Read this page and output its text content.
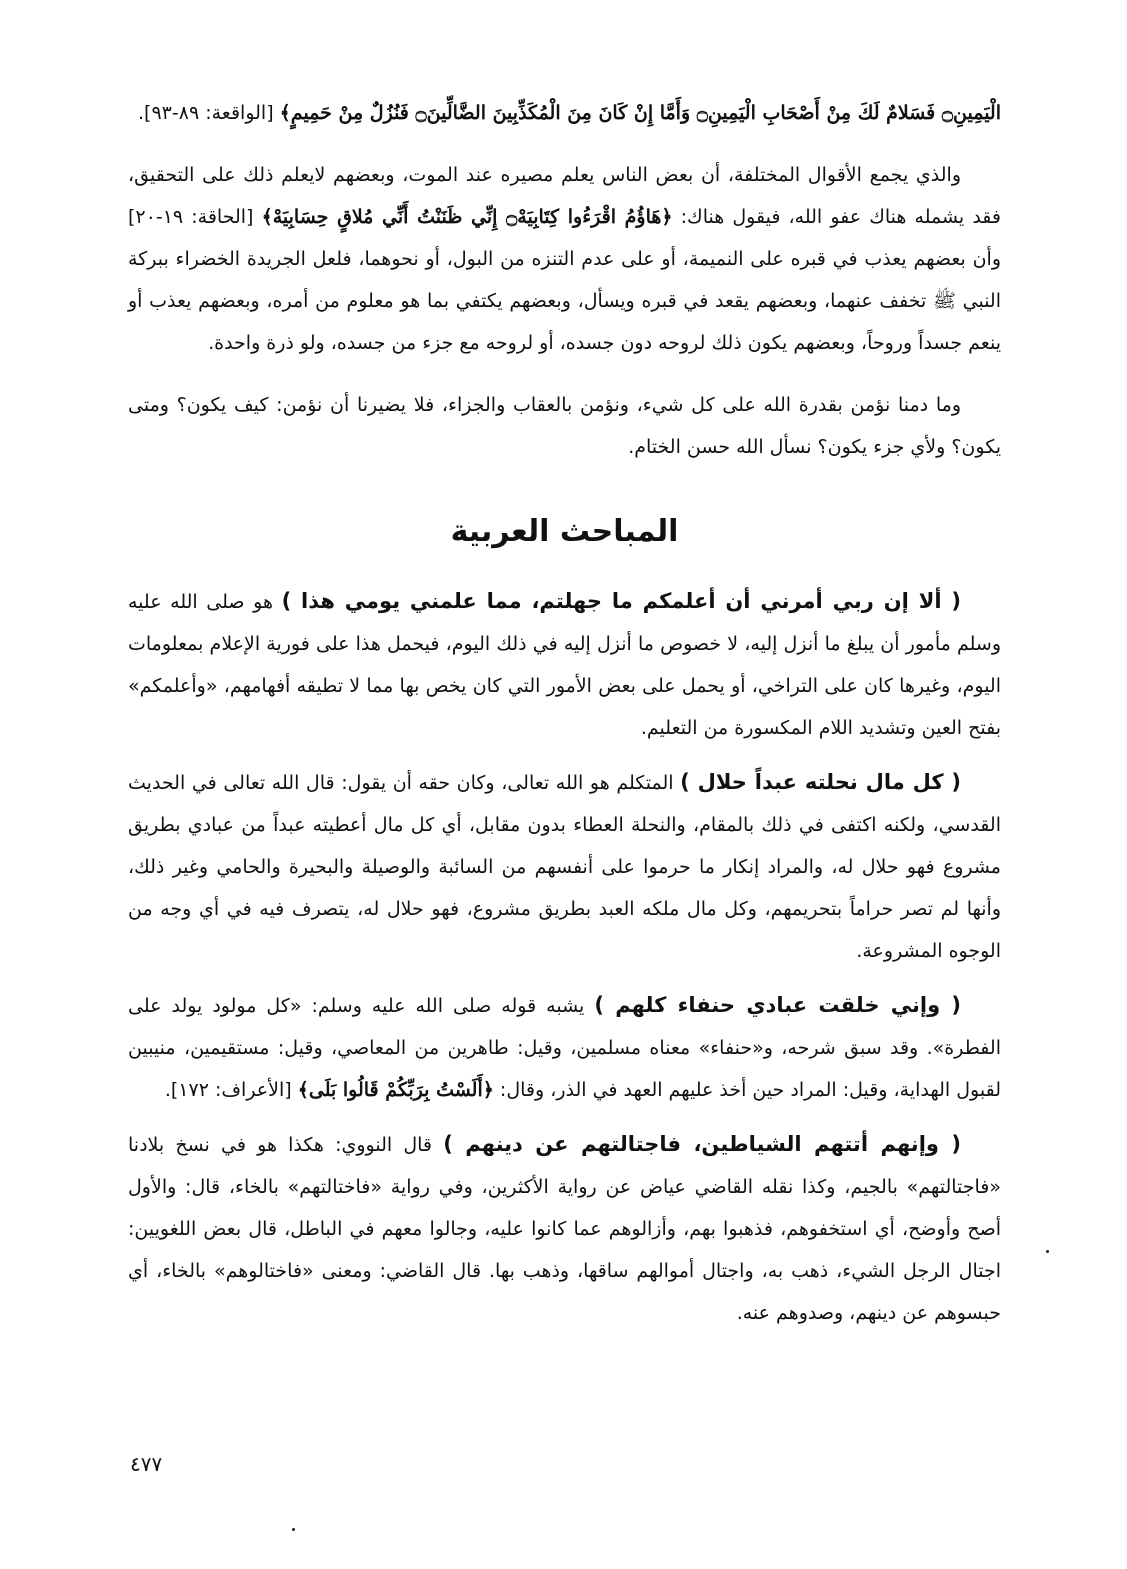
الْيَمِينِ۝ فَسَلامٌ لَكَ مِنْ أَصْحَابِ الْيَمِينِ۝ وَأَمَّا إِنْ كَانَ مِنَ الْمُكَذِّبِينَ الضَّالِّينَ۝ فَنُزُلٌ مِنْ حَمِيمٍ﴾ [الواقعة: ٨٩-٩٣].

والذي يجمع الأقوال المختلفة، أن بعض الناس يعلم مصيره عند الموت، وبعضهم لايعلم ذلك على التحقيق، فقد يشمله هناك عفو الله، فيقول هناك: ﴿هَاؤُمُ اقْرَءُوا كِتَابِيَهْ۝ إِنِّي ظَنَنْتُ أَنِّي مُلاقٍ حِسَابِيَهْ﴾ [الحاقة: ١٩-٢٠] وأن بعضهم يعذب في قبره على النميمة، أو على عدم التنزه من البول، أو نحوهما، فلعل الجريدة الخضراء ببركة النبي ﷺ تخفف عنهما، وبعضهم يقعد في قبره ويسأل، وبعضهم يكتفي بما هو معلوم من أمره، وبعضهم يعذب أو ينعم جسداً وروحاً، وبعضهم يكون ذلك لروحه دون جسده، أو لروحه مع جزء من جسده، ولو ذرة واحدة.

وما دمنا نؤمن بقدرة الله على كل شيء، ونؤمن بالعقاب والجزاء، فلا يضيرنا أن نؤمن: كيف يكون؟ ومتى يكون؟ ولأي جزء يكون؟ نسأل الله حسن الختام.

المباحث العربية

( ألا إن ربي أمرني أن أعلمكم ما جهلتم، مما علمني يومي هذا ) هو صلى الله عليه وسلم مأمور أن يبلغ ما أنزل إليه، لا خصوص ما أنزل إليه في ذلك اليوم، فيحمل هذا على فورية الإعلام بمعلومات اليوم، وغيرها كان على التراخي، أو يحمل على بعض الأمور التي كان يخص بها مما لا تطيقه أفهامهم، «وأعلمكم» بفتح العين وتشديد اللام المكسورة من التعليم.

( كل مال نحلته عبداً حلال ) المتكلم هو الله تعالى، وكان حقه أن يقول: قال الله تعالى في الحديث القدسي، ولكنه اكتفى في ذلك بالمقام، والنحلة العطاء بدون مقابل، أي كل مال أعطيته عبداً من عبادي بطريق مشروع فهو حلال له، والمراد إنكار ما حرموا على أنفسهم من السائبة والوصيلة والبحيرة والحامي وغير ذلك، وأنها لم تصر حراماً بتحريمهم، وكل مال ملكه العبد بطريق مشروع، فهو حلال له، يتصرف فيه في أي وجه من الوجوه المشروعة.

( وإني خلقت عبادي حنفاء كلهم ) يشبه قوله صلى الله عليه وسلم: «كل مولود يولد على الفطرة». وقد سبق شرحه، و«حنفاء» معناه مسلمين، وقيل: طاهرين من المعاصي، وقيل: مستقيمين، منيبين لقبول الهداية، وقيل: المراد حين أخذ عليهم العهد في الذر، وقال: ﴿أَلَسْتُ بِرَبِّكُمْ قَالُوا بَلَى﴾ [الأعراف: ١٧٢].

( وإنهم أتتهم الشياطين، فاجتالتهم عن دينهم ) قال النووي: هكذا هو في نسخ بلادنا «فاجتالتهم» بالجيم، وكذا نقله القاضي عياض عن رواية الأكثرين، وفي رواية «فاختالتهم» بالخاء، قال: والأول أصح وأوضح، أي استخفوهم، فذهبوا بهم، وأزالوهم عما كانوا عليه، وجالوا معهم في الباطل، قال بعض اللغويين: اجتال الرجل الشيء، ذهب به، واجتال أموالهم ساقها، وذهب بها. قال القاضي: ومعنى «فاختالوهم» بالخاء، أي حبسوهم عن دينهم، وصدوهم عنه.

٤٧٧
